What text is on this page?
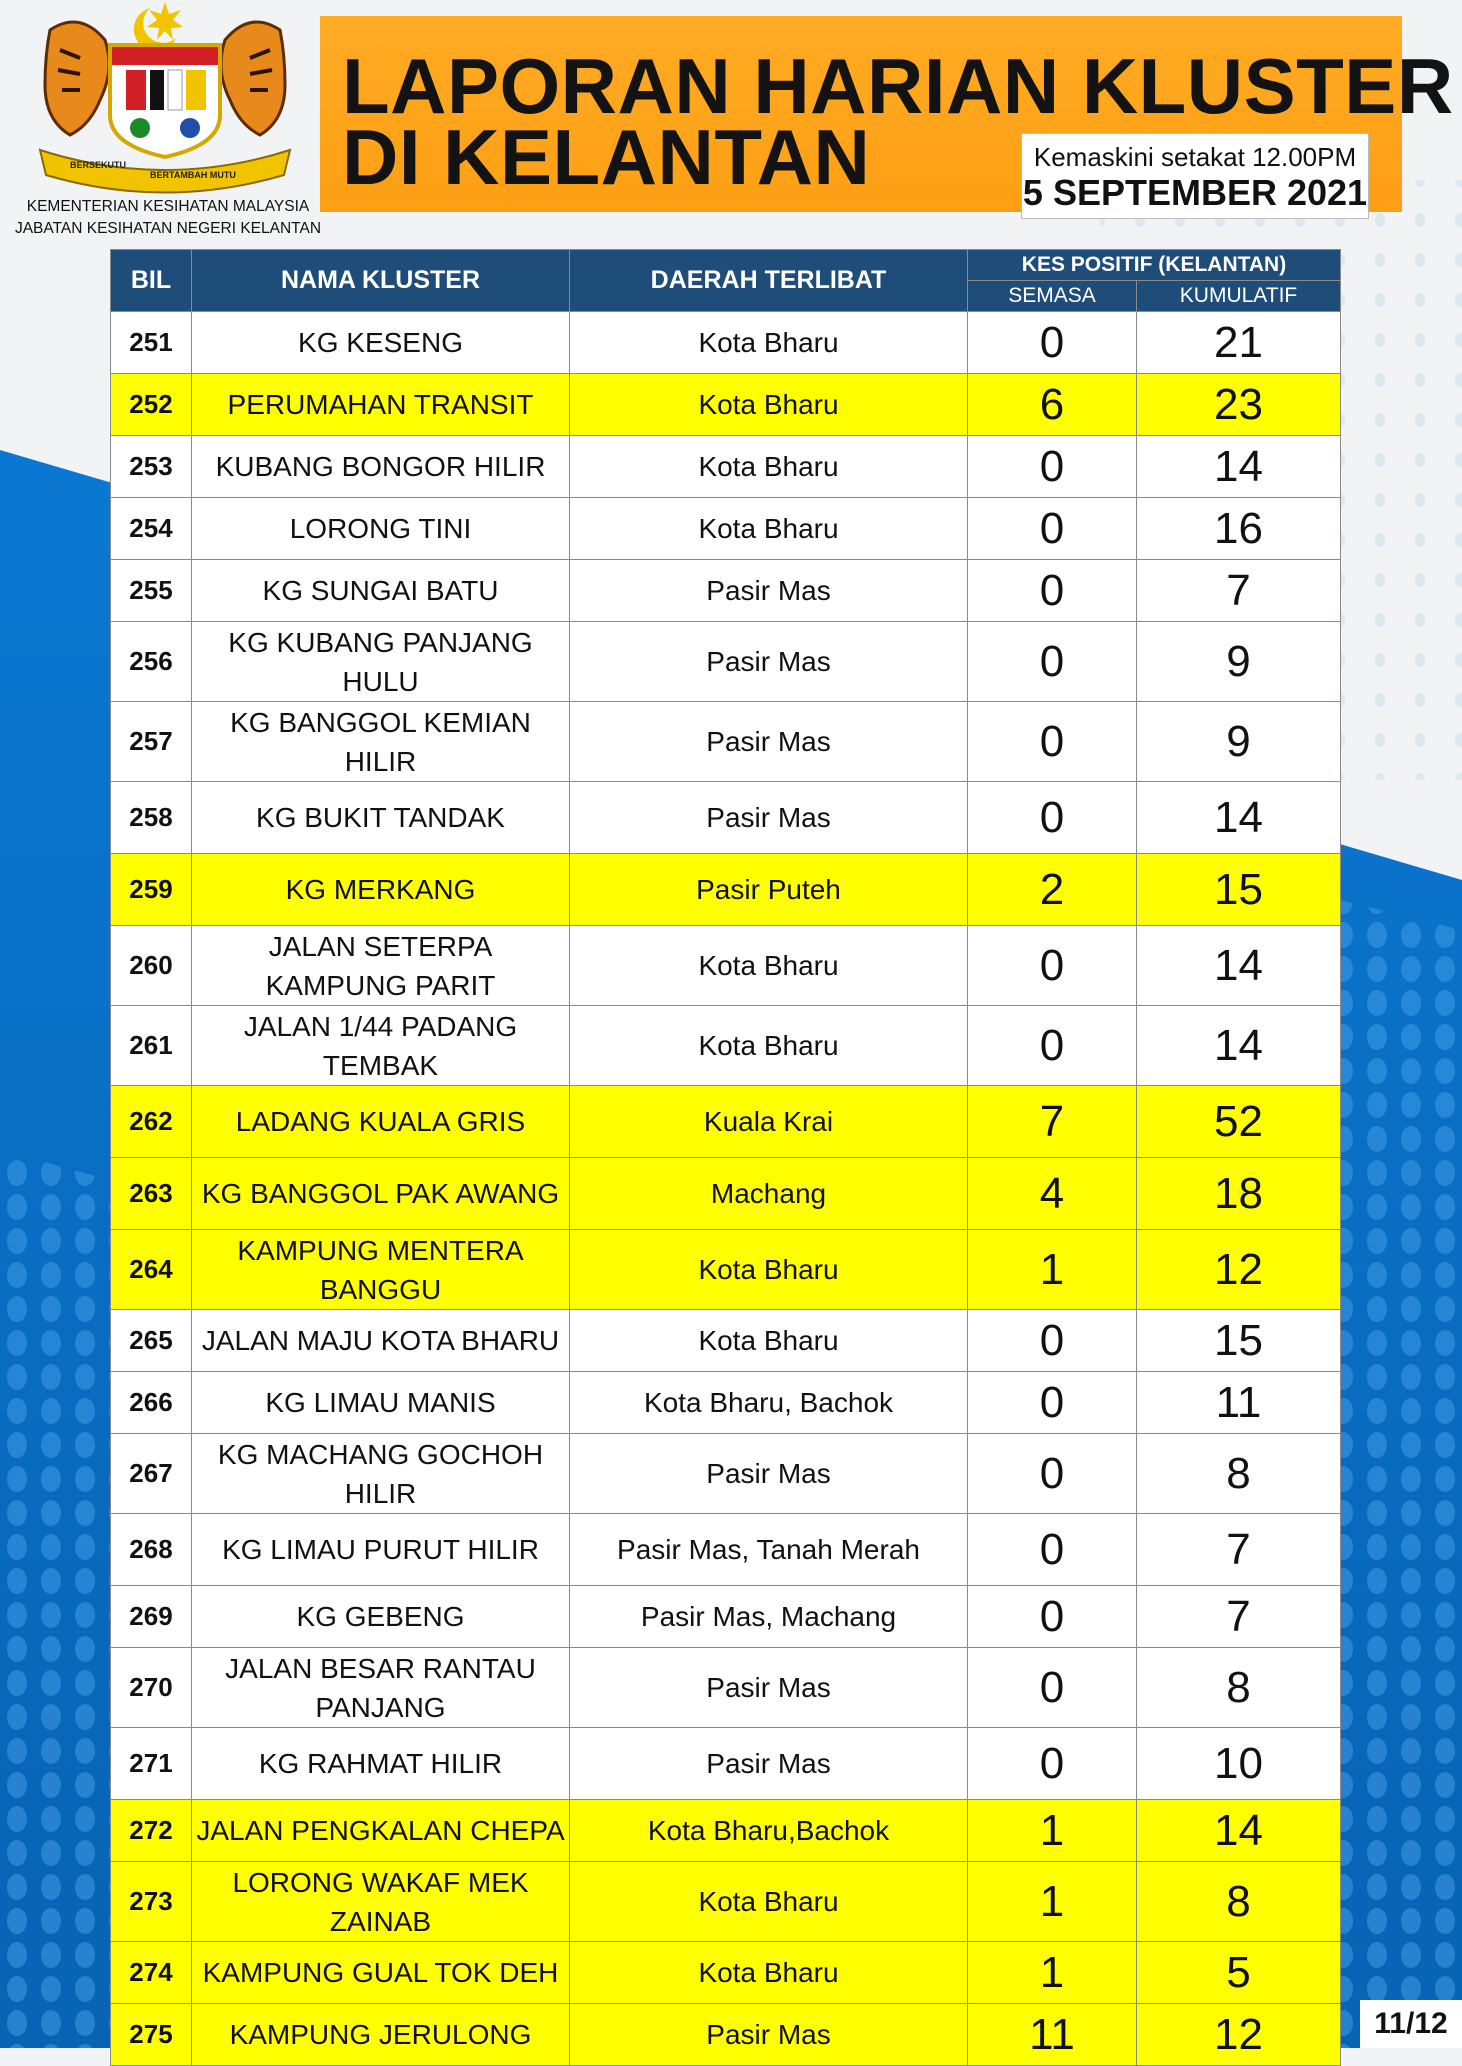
BERSEKUTU
BERTAMBAH MUTU
KEMENTERIAN KESIHATAN MALAYSIA
JABATAN KESIHATAN NEGERI KELANTAN
LAPORAN HARIAN KLUSTER
DI KELANTAN	Kemaskini setakat 12.00PM
5 SEPTEMBER 2021
BIL	NAMA KLUSTER	DAERAH TERLIBAT	KES POSITIF (KELANTAN)	
			SEMASA	KUMULATIF
251	KG KESENG	Kota Bharu	0	21
252	PERUMAHAN TRANSIT	Kota Bharu	6	23
253	KUBANG BONGOR HILIR	Kota Bharu	0	14
254	LORONG TINI	Kota Bharu	0	16
255	KG SUNGAI BATU	Pasir Mas	0	7
256	KG KUBANG PANJANG HULU	Pasir Mas	0	9
257	KG BANGGOL KEMIAN HILIR	Pasir Mas	0	9
258	KG BUKIT TANDAK	Pasir Mas	0	14
259	KG MERKANG	Pasir Puteh	2	15
260	JALAN SETERPA KAMPUNG PARIT	Kota Bharu	0	14
261	JALAN 1/44 PADANG TEMBAK	Kota Bharu	0	14
262	LADANG KUALA GRIS	Kuala Krai	7	52
263	KG BANGGOL PAK AWANG	Machang	4	18
264	KAMPUNG MENTERA BANGGU	Kota Bharu	1	12
265	JALAN MAJU KOTA BHARU	Kota Bharu	0	15
266	KG LIMAU MANIS	Kota Bharu, Bachok	0	11
267	KG MACHANG GOCHOH HILIR	Pasir Mas	0	8
268	KG LIMAU PURUT HILIR	Pasir Mas, Tanah Merah	0	7
269	KG GEBENG	Pasir Mas, Machang	0	7
270	JALAN BESAR RANTAU PANJANG	Pasir Mas	0	8
271	KG RAHMAT HILIR	Pasir Mas	0	10
272	JALAN PENGKALAN CHEPA	Kota Bharu,Bachok	1	14
273	LORONG WAKAF MEK ZAINAB	Kota Bharu	1	8
274	KAMPUNG GUAL TOK DEH	Kota Bharu	1	5
275	KAMPUNG JERULONG	Pasir Mas	11	12	11/12
